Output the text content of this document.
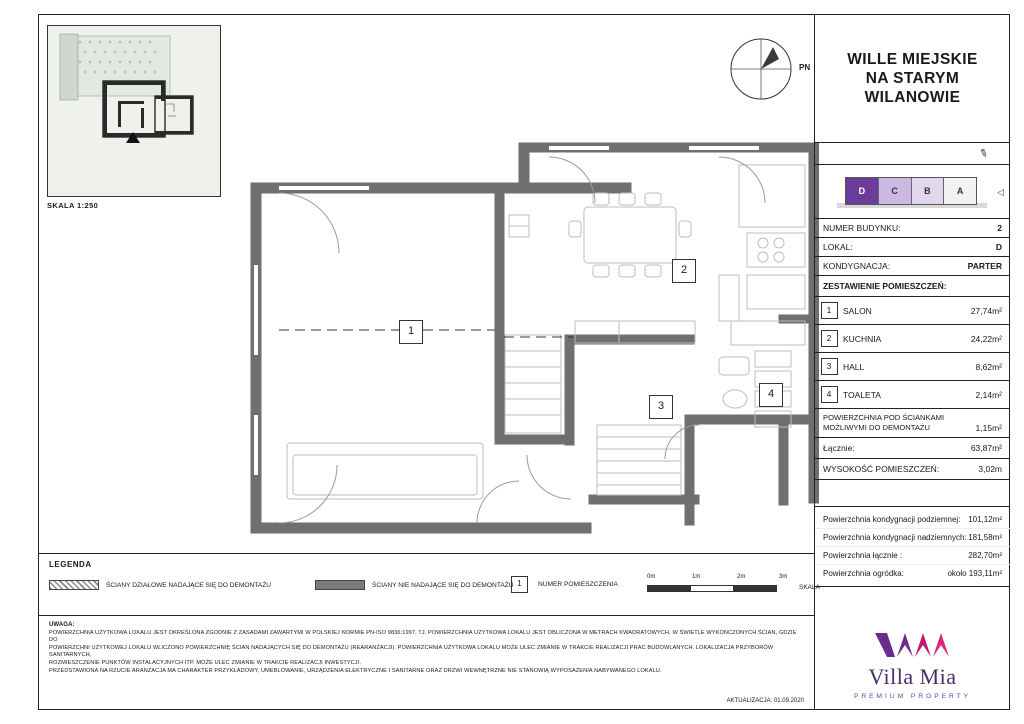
SKALA 1:250
PN
1
2
3
4
LEGENDA
ŚCIANY DZIAŁOWE NADAJĄCE SIĘ DO DEMONTAŻU	ŚCIANY NIE NADAJĄCE SIĘ DO DEMONTAŻU 1	NUMER POMIESZCZENIA
0m	1m	2m	3m
SKALA

UWAGA:

POWIERZCHNIA UŻYTKOWA LOKALU JEST OKREŚLONA ZGODNIE Z ZASADAMI ZAWARTYMI W POLSKIEJ NORMIE PN-ISO 9836:1997, TJ. POWIERZCHNIA UŻYTKOWA LOKALU JEST OBLICZONA W METRACH KWADRATOWYCH, W ŚWIETLE WYKOŃCZONYCH ŚCIAN, GDZIE DO

POWIERZCHNI UŻYTKOWEJ LOKALU WLICZONO POWIERZCHNIĘ ŚCIAN NADAJĄCYCH SIĘ DO DEMONTAŻU (REARANŻACJI). POWIERZCHNIA UŻYTKOWA LOKALU MOŻE ULEC ZMIANIE W TRAKCIE REALIZACJI PRAC BUDOWLANYCH. LOKALIZACJA PRZYBORÓW SANITARNYCH,

ROZMIESZCZENIE PUNKTÓW INSTALACYJNYCH ITP. MOŻE ULEC ZMIANIE W TRAKCIE REALIZACJI INWESTYCJI.

PRZEDSTAWIONA NA RZUCIE ARANŻACJA MA CHARAKTER PRZYKŁADOWY, UMEBLOWANIE, URZĄDZENIA ELEKTRYCZNE I SANITARNE ORAZ DRZWI WEWNĘTRZNE NIE STANOWIĄ WYPOSAŻENIA NABYWANEGO LOKALU.

AKTUALIZACJA: 01.09.2020
WILLE MIEJSKIE
NA STARYM
WILANOWIE
✎
D	C	B	A	◁
NUMER BUDYNKU:	2
LOKAL:	D
KONDYGNACJA:	PARTER
ZESTAWIENIE POMIESZCZEŃ:
1	SALON	27,74m²
2	KUCHNIA	24,22m²
3	HALL	8,62m²
4	TOALETA	2,14m²
POWIERZCHNIA POD ŚCIANKAMI MOŻLIWYMI DO DEMONTAŻU	1,15m²
Łącznie:	63,87m²
WYSOKOŚĆ POMIESZCZEŃ:	3,02m
Powierzchnia kondygnacji podziemnej: 101,12m²
Powierzchnia kondygnacji nadziemnych: 181,58m²
Powierzchnia łącznie :	282,70m²
Powierzchnia ogródka:	około 193,11m²
Villa Mia
PREMIUM PROPERTY
